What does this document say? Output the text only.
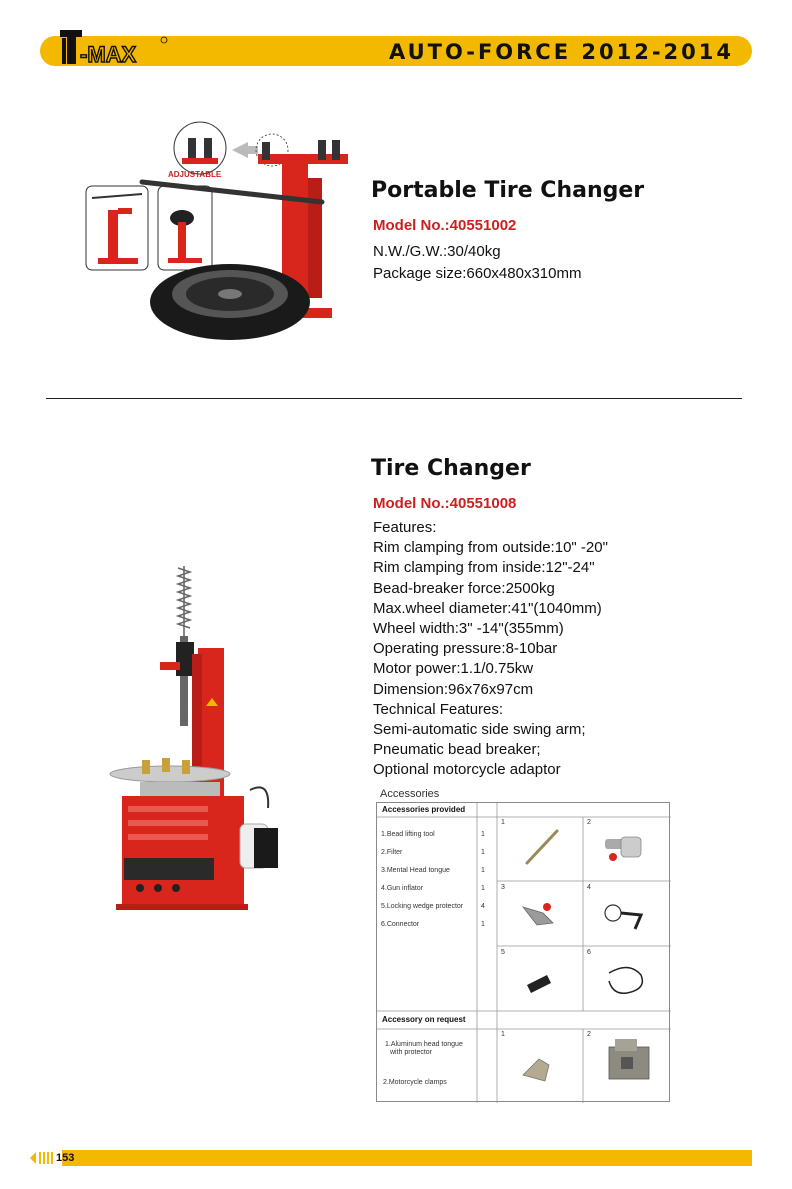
-MAX	AUTO-FORCE 2012-2014
ADJUSTABLE
Portable Tire Changer
Model No.:40551002
N.W./G.W.:30/40kg
Package size:660x480x310mm
Tire Changer
Model No.:40551008
Features:
Rim clamping from outside:10" -20"
Rim clamping from inside:12"-24"
Bead-breaker force:2500kg
Max.wheel diameter:41"(1040mm)
Wheel width:3" -14"(355mm)
Operating pressure:8-10bar
Motor power:1.1/0.75kw
Dimension:96x76x97cm
Technical Features:
Semi-automatic side swing arm;
Pneumatic bead breaker;
Optional motorcycle adaptor
Accessories
Accessories provided
1.Bead lifting tool	1
2.Filter	1
3.Mental Head tongue	1
4.Gun inflator	1
5.Locking wedge protector	4
6.Connector	1
1	2
3	4
5	6
Accessory on request
1.Aluminum head tongue
with protector
2.Motorcycle clamps
1	2
153
